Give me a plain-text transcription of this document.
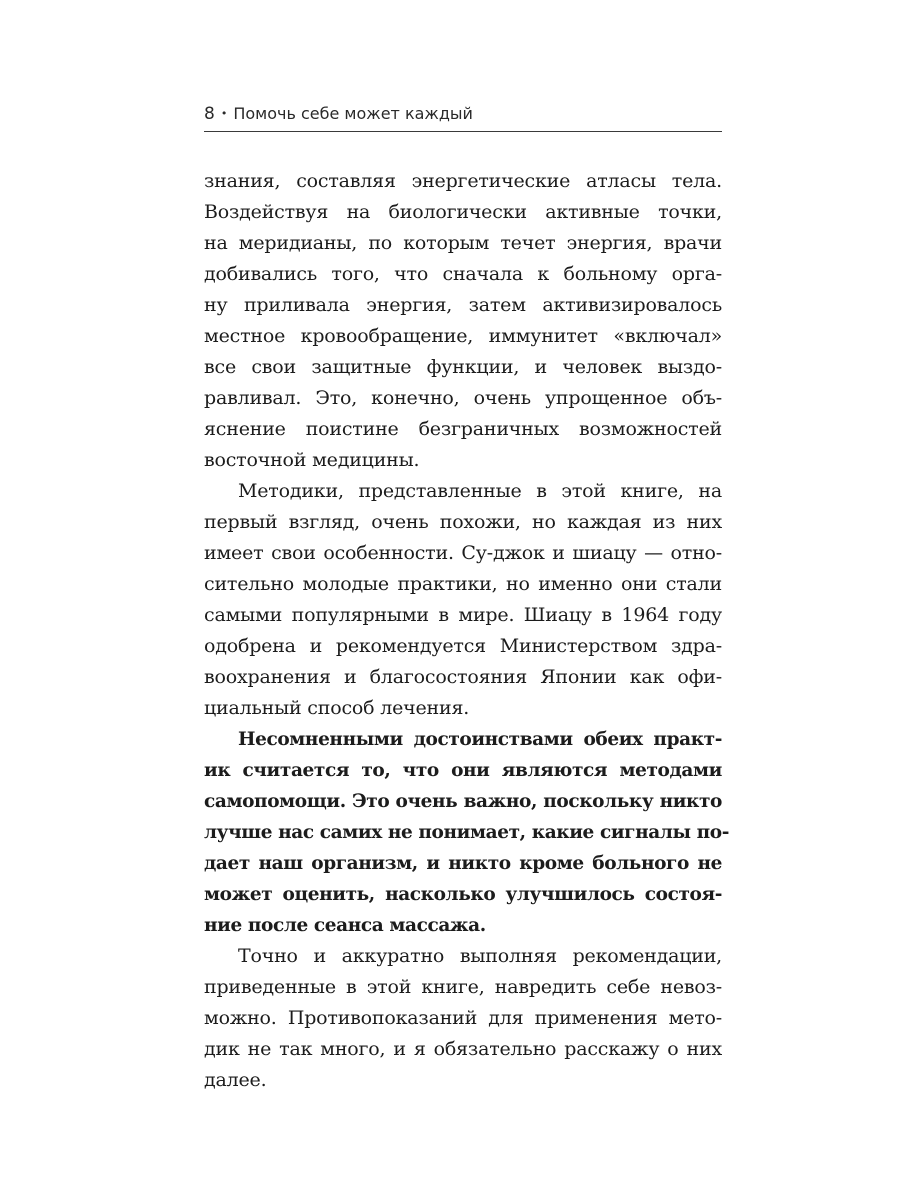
8 • Помочь себе может каждый
знания, составляя энергетические атласы тела.
Воздействуя на биологически активные точки,
на меридианы, по которым течет энергия, врачи
добивались того, что сначала к больному орга-
ну приливала энергия, затем активизировалось
местное кровообращение, иммунитет «включал»
все свои защитные функции, и человек выздо-
равливал. Это, конечно, очень упрощенное объ-
яснение поистине безграничных возможностей
восточной медицины.
Методики, представленные в этой книге, на
первый взгляд, очень похожи, но каждая из них
имеет свои особенности. Су-джок и шиацу — отно-
сительно молодые практики, но именно они стали
самыми популярными в мире. Шиацу в 1964 году
одобрена и рекомендуется Министерством здра-
воохранения и благосостояния Японии как офи-
циальный способ лечения.
Несомненными достоинствами обеих практ-
ик считается то, что они являются методами
самопомощи. Это очень важно, поскольку никто
лучше нас самих не понимает, какие сигналы по-
дает наш организм, и никто кроме больного не
может оценить, насколько улучшилось состоя-
ние после сеанса массажа.
Точно и аккуратно выполняя рекомендации,
приведенные в этой книге, навредить себе невоз-
можно. Противопоказаний для применения мето-
дик не так много, и я обязательно расскажу о них
далее.
